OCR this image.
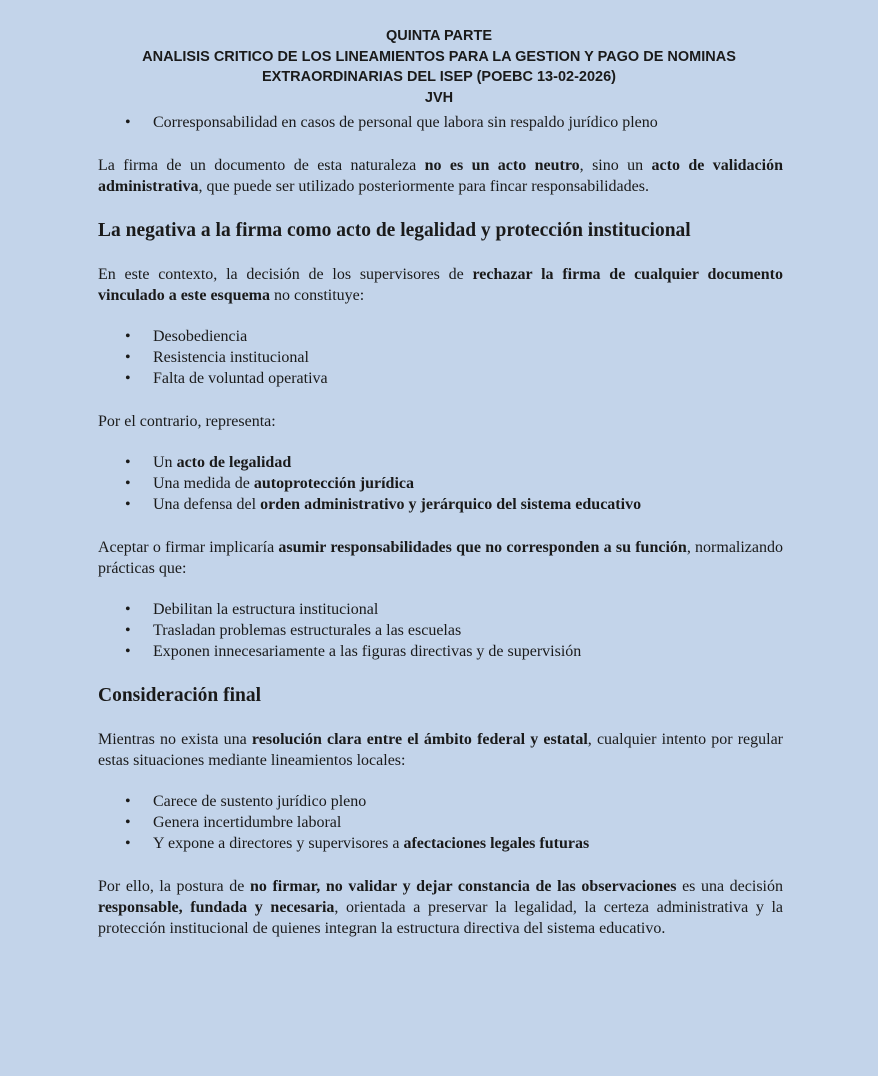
QUINTA PARTE
ANALISIS CRITICO DE LOS LINEAMIENTOS PARA LA GESTION Y PAGO DE NOMINAS
EXTRAORDINARIAS DEL ISEP (POEBC 13-02-2026)
JVH
• Corresponsabilidad en casos de personal que labora sin respaldo jurídico pleno

La firma de un documento de esta naturaleza no es un acto neutro, sino un acto de validación administrativa, que puede ser utilizado posteriormente para fincar responsabilidades.

La negativa a la firma como acto de legalidad y protección institucional

En este contexto, la decisión de los supervisores de rechazar la firma de cualquier documento vinculado a este esquema no constituye:

• Desobediencia
• Resistencia institucional
• Falta de voluntad operativa

Por el contrario, representa:

• Un acto de legalidad
• Una medida de autoprotección jurídica
• Una defensa del orden administrativo y jerárquico del sistema educativo

Aceptar o firmar implicaría asumir responsabilidades que no corresponden a su función, normalizando prácticas que:

• Debilitan la estructura institucional
• Trasladan problemas estructurales a las escuelas
• Exponen innecesariamente a las figuras directivas y de supervisión
Consideración final

Mientras no exista una resolución clara entre el ámbito federal y estatal, cualquier intento por regular estas situaciones mediante lineamientos locales:

• Carece de sustento jurídico pleno
• Genera incertidumbre laboral
• Y expone a directores y supervisores a afectaciones legales futuras

Por ello, la postura de no firmar, no validar y dejar constancia de las observaciones es una decisión responsable, fundada y necesaria, orientada a preservar la legalidad, la certeza administrativa y la protección institucional de quienes integran la estructura directiva del sistema educativo.
